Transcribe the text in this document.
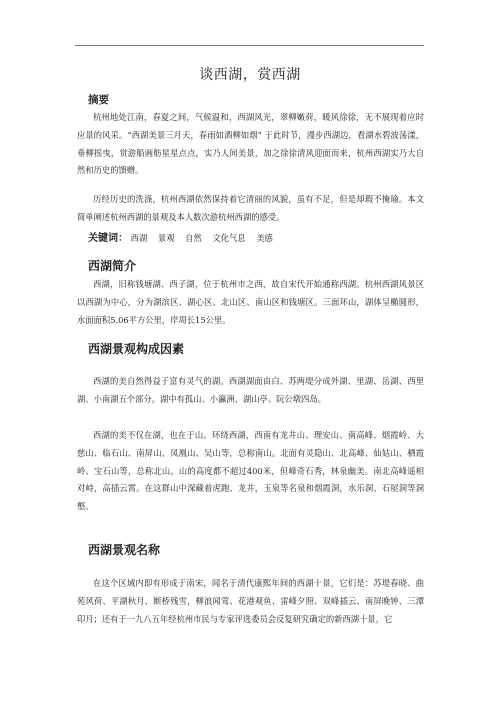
谈西湖，赏西湖
摘要

杭州地处江南，春夏之间，气候温和，西湖风光，翠柳嫩荷，暖风徐徐，无不展现着应时应景的风采。“西湖美景三月天，春雨如酒柳如烟” 于此时节，漫步西湖边，看湖水碧波荡漾，垂柳摇曳，赏游船画舫星星点点，实乃人间美景，加之徐徐清风迎面而来，杭州西湖实乃大自然和历史的馈赠。

历经历史的洗涤，杭州西湖依然保持着它清丽的风貌，虽有不足，但是却瑕不掩瑜。本文简单阐述杭州西湖的景观及本人数次游杭州西湖的感受。

关键词： 西湖 景观 自然 文化气息 美感
西湖简介

西湖，旧称钱塘湖、西子湖，位于杭州市之西，故自宋代开始通称西湖。杭州西湖风景区以西湖为中心，分为湖滨区、湖心区、北山区、南山区和钱塘区。三面环山，湖体呈椭圆形，水面面积5.06平方公里，岸周长15公里。

西湖景观构成因素

西湖的美自然得益于富有灵气的湖。西湖湖面由白、苏两堤分成外湖、里湖、岳湖、西里湖、小南湖五个部分。湖中有孤山、小瀛洲、湖山亭、阮公墩四岛。

西湖的美不仅在湖，也在于山。环绕西湖，西南有龙井山、理安山、南高峰、烟霞岭、大慈山、临石山、南屏山、凤凰山、吴山等，总称南山。北面有灵隐山、北高峰、仙姑山、栖霞岭、宝石山等，总称北山。山的高度都不超过400米，但峰奇石秀，林泉幽美。南北高峰遥相对峙，高插云霄。在这群山中深藏着虎跑、龙井，玉泉等名泉和烟霞洞，水乐洞、石屋洞等洞壑。

西湖景观名称

在这个区域内即有形成于南宋，闻名于清代康熙年间的西湖十景，它们是：苏堤春晓、曲苑风荷、平湖秋月、断桥残雪，柳浪闻莺、花港观鱼、雷峰夕照、双峰插云、南屏晚钟、三潭印月；还有于一九八五年经杭州市民与专家评选委员会反复研究确定的新西湖十景，它
